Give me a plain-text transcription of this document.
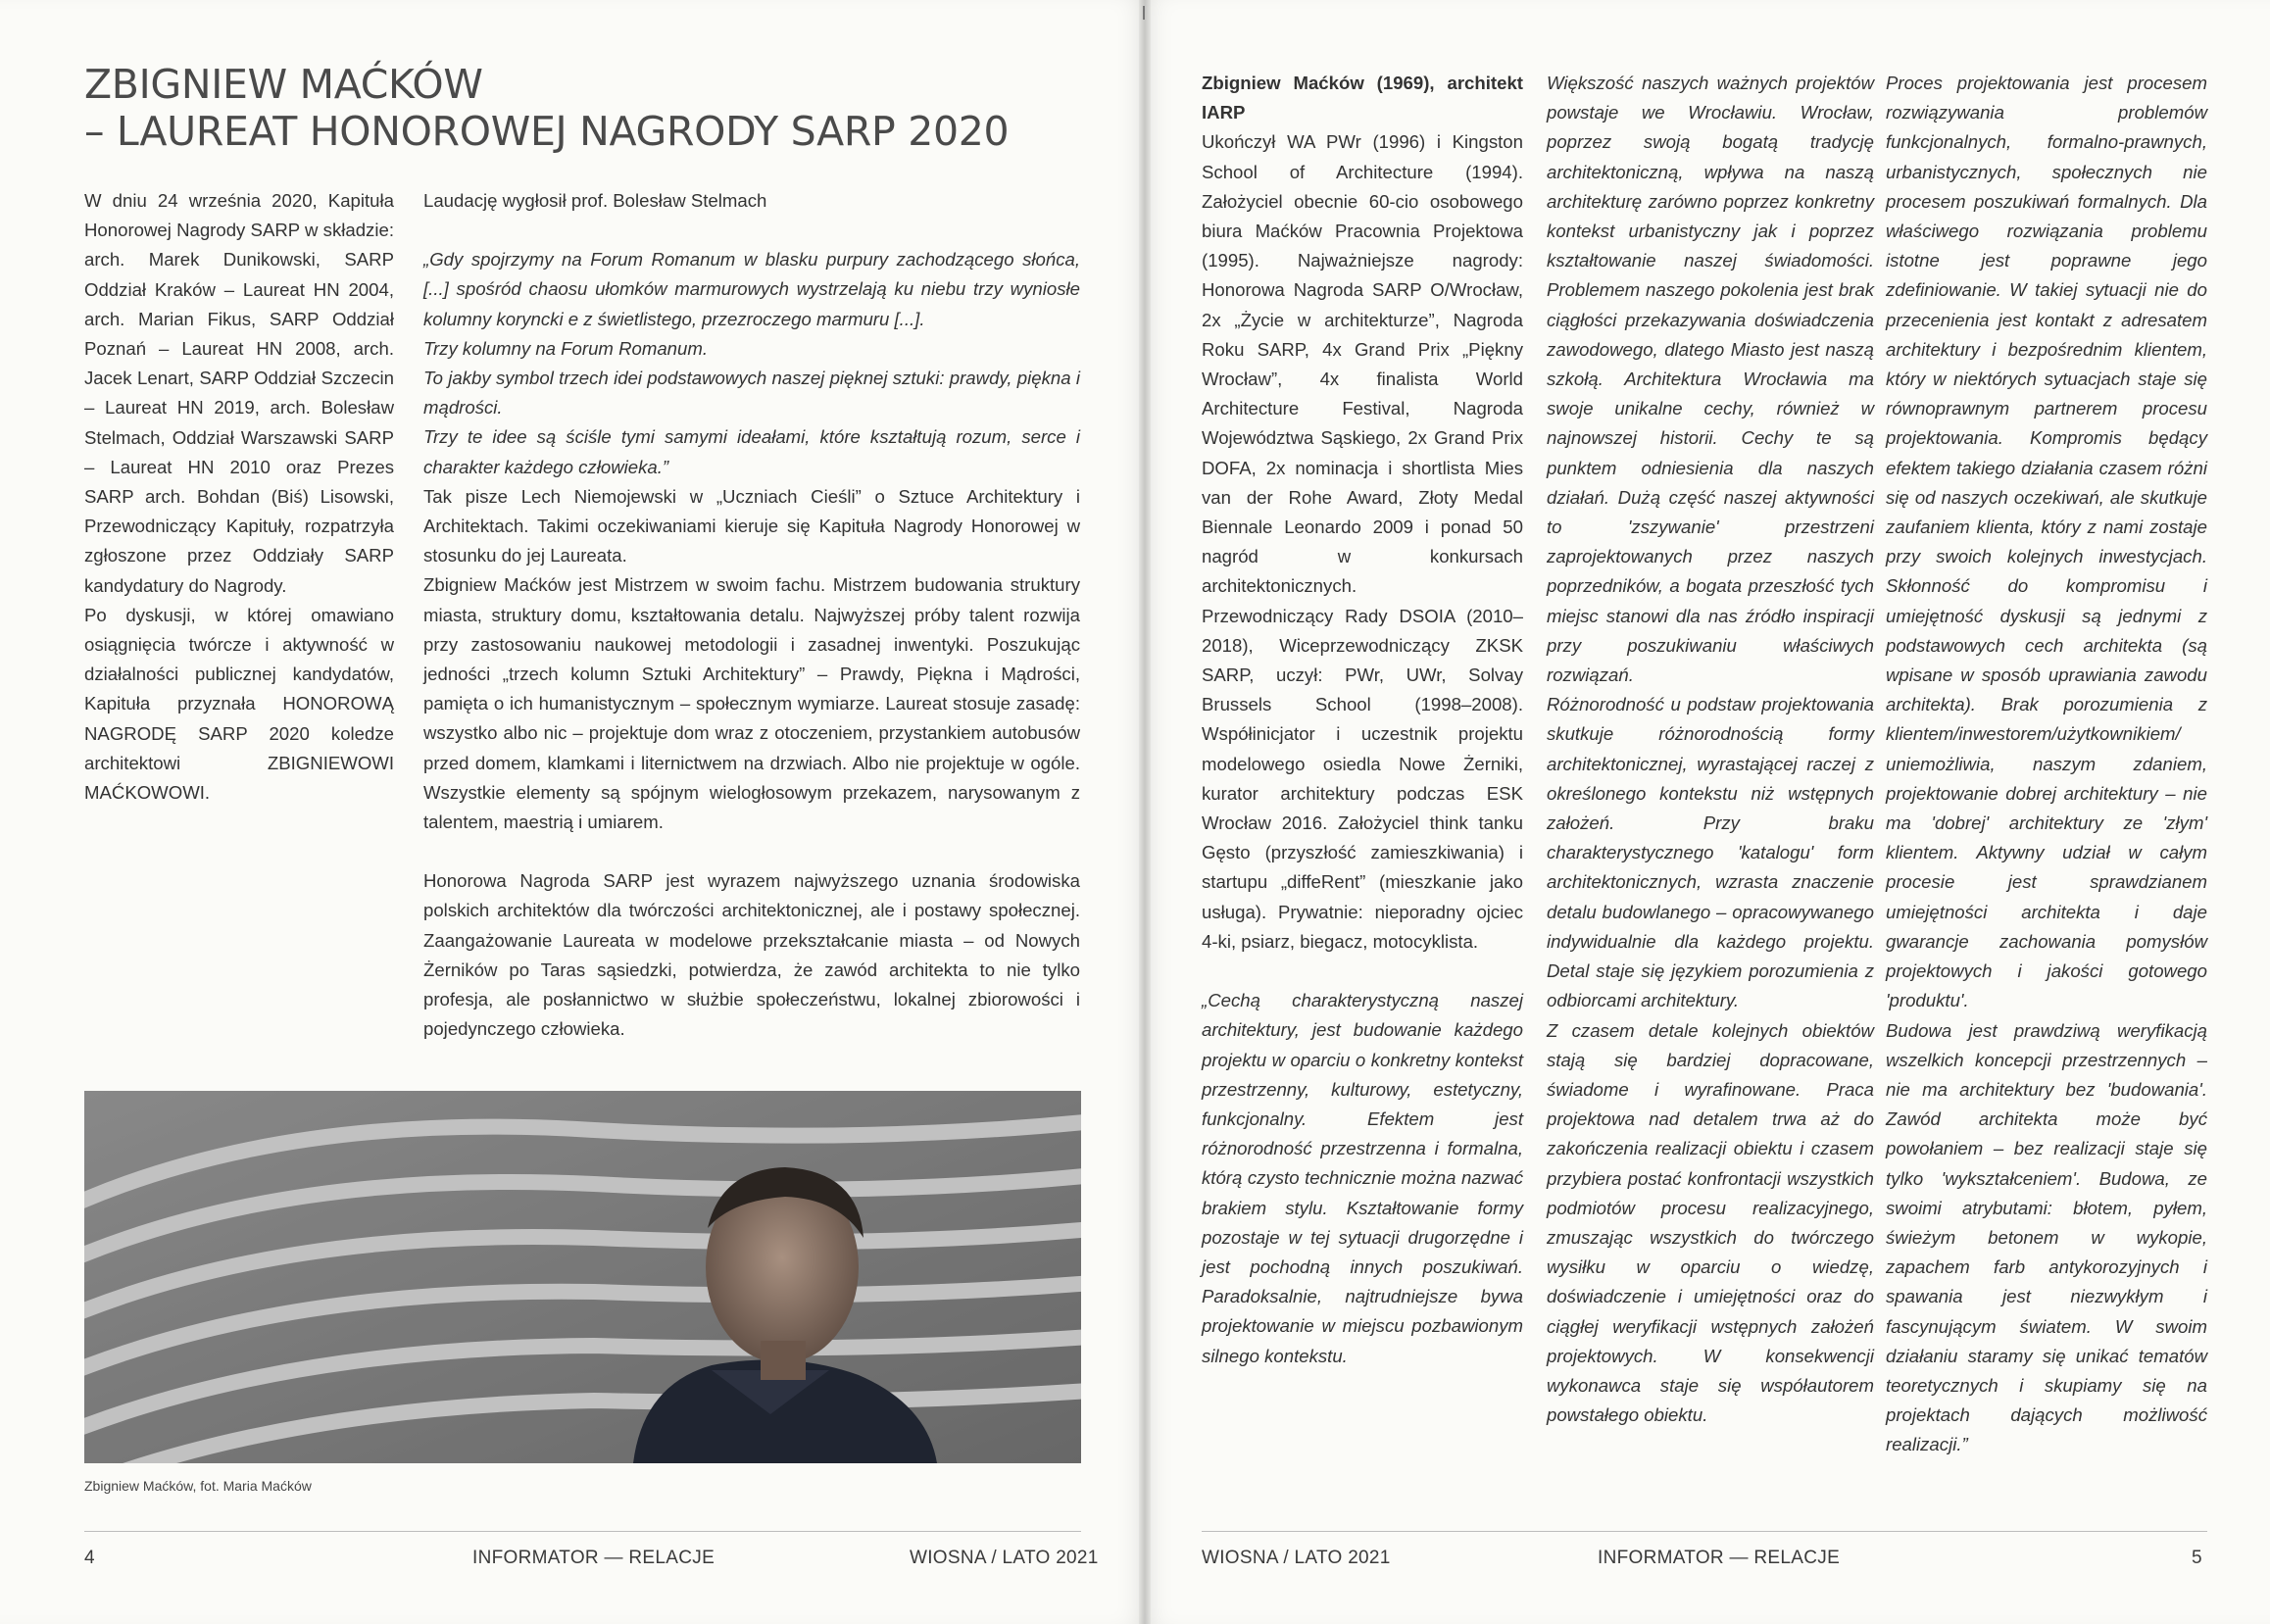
ZBIGNIEW MAĆKÓW
– LAUREAT HONOROWEJ NAGRODY SARP 2020

W dniu 24 września 2020, Kapituła Honorowej Nagrody SARP w składzie: arch. Marek Dunikowski, SARP Oddział Kraków – Laureat HN 2004, arch. Marian Fikus, SARP Oddział Poznań – Laureat HN 2008, arch. Jacek Lenart, SARP Oddział Szczecin – Laureat HN 2019, arch. Bolesław Stelmach, Oddział Warszawski SARP – Laureat HN 2010 oraz Prezes SARP arch. Bohdan (Biś) Lisowski, Przewodniczący Kapituły, rozpatrzyła zgłoszone przez Oddziały SARP kandydatury do Nagrody.

Po dyskusji, w której omawiano osiągnięcia twórcze i aktywność w działalności publicznej kandydatów, Kapituła przyznała HONOROWĄ NAGRODĘ SARP 2020 koledze architektowi ZBIGNIEWOWI MAĆKOWOWI.

Laudację wygłosił prof. Bolesław Stelmach

„Gdy spojrzymy na Forum Romanum w blasku purpury zachodzącego słońca, [...] spośród chaosu ułomków marmurowych wystrzelają ku niebu trzy wyniosłe kolumny koryncki e z świetlistego, przezroczego marmuru [...].

Trzy kolumny na Forum Romanum.

To jakby symbol trzech idei podstawowych naszej pięknej sztuki: prawdy, piękna i mądrości.

Trzy te idee są ściśle tymi samymi ideałami, które kształtują rozum, serce i charakter każdego człowieka.”

Tak pisze Lech Niemojewski w „Uczniach Cieśli” o Sztuce Architektury i Architektach. Takimi oczekiwaniami kieruje się Kapituła Nagrody Honorowej w stosunku do jej Laureata.

Zbigniew Maćków jest Mistrzem w swoim fachu. Mistrzem budowania struktury miasta, struktury domu, kształtowania detalu. Najwyższej próby talent rozwija przy zastosowaniu naukowej metodologii i zasadnej inwentyki. Poszukując jedności „trzech kolumn Sztuki Architektury” – Prawdy, Piękna i Mądrości, pamięta o ich humanistycznym – społecznym wymiarze. Laureat stosuje zasadę: wszystko albo nic – projektuje dom wraz z otoczeniem, przystankiem autobusów przed domem, klamkami i liternictwem na drzwiach. Albo nie projektuje w ogóle. Wszystkie elementy są spójnym wielogłosowym przekazem, narysowanym z talentem, maestrią i umiarem.

Honorowa Nagroda SARP jest wyrazem najwyższego uznania środowiska polskich architektów dla twórczości architektonicznej, ale i postawy społecznej. Zaangażowanie Laureata w modelowe przekształcanie miasta – od Nowych Żerników po Taras sąsiedzki, potwierdza, że zawód architekta to nie tylko profesja, ale posłannictwo w służbie społeczeństwu, lokalnej zbiorowości i pojedynczego człowieka.

Zbigniew Maćków, fot. Maria Maćków
4	INFORMATOR — RELACJE	WIOSNA / LATO 2021

Zbigniew Maćków (1969), architekt IARP

Ukończył WA PWr (1996) i Kingston School of Architecture (1994). Założyciel obecnie 60-cio osobowego biura Maćków Pracownia Projektowa (1995). Najważniejsze nagrody: Honorowa Nagroda SARP O/Wrocław, 2x „Życie w architekturze”, Nagroda Roku SARP, 4x Grand Prix „Piękny Wrocław”, 4x finalista World Architecture Festival, Nagroda Województwa Sąskiego, 2x Grand Prix DOFA, 2x nominacja i shortlista Mies van der Rohe Award, Złoty Medal Biennale Leonardo 2009 i ponad 50 nagród w konkursach architektonicznych.

Przewodniczący Rady DSOIA (2010–2018), Wiceprzewodniczący ZKSK SARP, uczył: PWr, UWr, Solvay Brussels School (1998–2008). Współinicjator i uczestnik projektu modelowego osiedla Nowe Żerniki, kurator architektury podczas ESK Wrocław 2016. Założyciel think tanku Gęsto (przyszłość zamieszkiwania) i startupu „diffeRent” (mieszkanie jako usługa). Prywatnie: nieporadny ojciec 4-ki, psiarz, biegacz, motocyklista.

„Cechą charakterystyczną naszej architektury, jest budowanie każdego projektu w oparciu o konkretny kontekst przestrzenny, kulturowy, estetyczny, funkcjonalny. Efektem jest różnorodność przestrzenna i formalna, którą czysto technicznie można nazwać brakiem stylu. Kształtowanie formy pozostaje w tej sytuacji drugorzędne i jest pochodną innych poszukiwań. Paradoksalnie, najtrudniejsze bywa projektowanie w miejscu pozbawionym silnego kontekstu.

Większość naszych ważnych projektów powstaje we Wrocławiu. Wrocław, poprzez swoją bogatą tradycję architektoniczną, wpływa na naszą architekturę zarówno poprzez konkretny kontekst urbanistyczny jak i poprzez kształtowanie naszej świadomości. Problemem naszego pokolenia jest brak ciągłości przekazywania doświadczenia zawodowego, dlatego Miasto jest naszą szkołą. Architektura Wrocławia ma swoje unikalne cechy, również w najnowszej historii. Cechy te są punktem odniesienia dla naszych działań. Dużą część naszej aktywności to 'zszywanie' przestrzeni zaprojektowanych przez naszych poprzedników, a bogata przeszłość tych miejsc stanowi dla nas źródło inspiracji przy poszukiwaniu właściwych rozwiązań.

Różnorodność u podstaw projektowania skutkuje różnorodnością formy architektonicznej, wyrastającej raczej z określonego kontekstu niż wstępnych założeń. Przy braku charakterystycznego 'katalogu' form architektonicznych, wzrasta znaczenie detalu budowlanego – opracowywanego indywidualnie dla każdego projektu. Detal staje się językiem porozumienia z odbiorcami architektury.

Z czasem detale kolejnych obiektów stają się bardziej dopracowane, świadome i wyrafinowane. Praca projektowa nad detalem trwa aż do zakończenia realizacji obiektu i czasem przybiera postać konfrontacji wszystkich podmiotów procesu realizacyjnego, zmuszając wszystkich do twórczego wysiłku w oparciu o wiedzę, doświadczenie i umiejętności oraz do ciągłej weryfikacji wstępnych założeń projektowych. W konsekwencji wykonawca staje się współautorem powstałego obiektu.

Proces projektowania jest procesem rozwiązywania problemów funkcjonalnych, formalno-prawnych, urbanistycznych, społecznych nie procesem poszukiwań formalnych. Dla właściwego rozwiązania problemu istotne jest poprawne jego zdefiniowanie. W takiej sytuacji nie do przecenienia jest kontakt z adresatem architektury i bezpośrednim klientem, który w niektórych sytuacjach staje się równoprawnym partnerem procesu projektowania. Kompromis będący efektem takiego działania czasem różni się od naszych oczekiwań, ale skutkuje zaufaniem klienta, który z nami zostaje przy swoich kolejnych inwestycjach. Skłonność do kompromisu i umiejętność dyskusji są jednymi z podstawowych cech architekta (są wpisane w sposób uprawiania zawodu architekta). Brak porozumienia z klientem/inwestorem/użytkownikiem/ uniemożliwia, naszym zdaniem, projektowanie dobrej architektury – nie ma 'dobrej' architektury ze 'złym' klientem. Aktywny udział w całym procesie jest sprawdzianem umiejętności architekta i daje gwarancje zachowania pomysłów projektowych i jakości gotowego 'produktu'.

Budowa jest prawdziwą weryfikacją wszelkich koncepcji przestrzennych – nie ma architektury bez 'budowania'. Zawód architekta może być powołaniem – bez realizacji staje się tylko 'wykształceniem'. Budowa, ze swoimi atrybutami: błotem, pyłem, świeżym betonem w wykopie, zapachem farb antykorozyjnych i spawania jest niezwykłym i fascynującym światem. W swoim działaniu staramy się unikać tematów teoretycznych i skupiamy się na projektach dających możliwość realizacji.”

WIOSNA / LATO 2021	INFORMATOR — RELACJE	5
